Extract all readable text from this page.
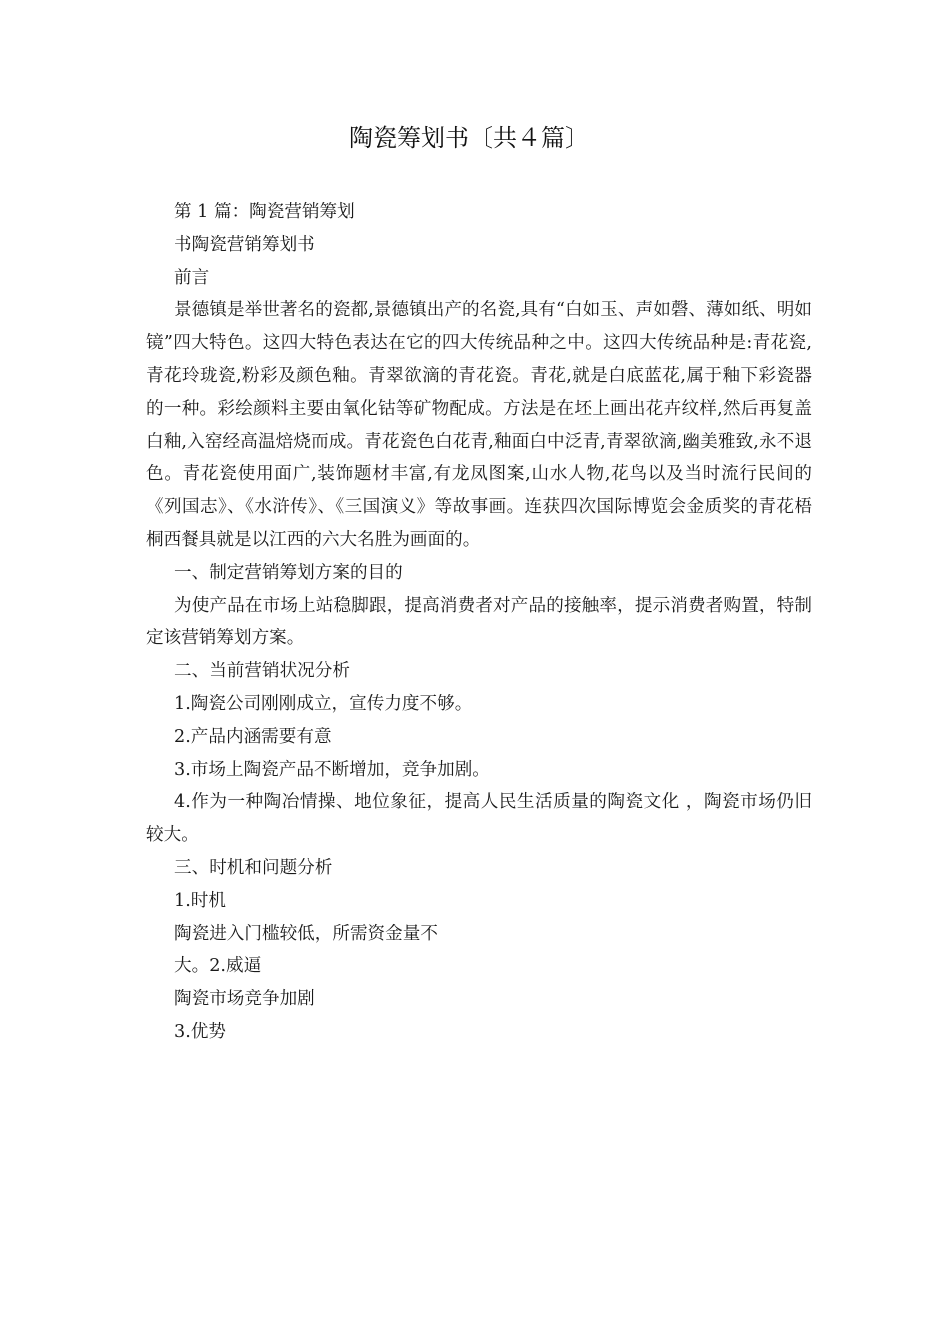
陶瓷筹划书〔共４篇〕

第 1 篇：陶瓷营销筹划

书陶瓷营销筹划书

前言

景德镇是举世著名的瓷都,景德镇出产的名瓷,具有“白如玉、声如磬、薄如纸、明如镜”四大特色。这四大特色表达在它的四大传统品种之中。这四大传统品种是:青花瓷,青花玲珑瓷,粉彩及颜色釉。青翠欲滴的青花瓷。青花,就是白底蓝花,属于釉下彩瓷器的一种。彩绘颜料主要由氧化钴等矿物配成。方法是在坯上画出花卉纹样,然后再复盖白釉,入窑经高温焙烧而成。青花瓷色白花青,釉面白中泛青,青翠欲滴,幽美雅致,永不退色。青花瓷使用面广,装饰题材丰富,有龙凤图案,山水人物,花鸟以及当时流行民间的《列国志》、《水浒传》、《三国演义》等故事画。连获四次国际博览会金质奖的青花梧桐西餐具就是以江西的六大名胜为画面的。

一、制定营销筹划方案的目的

为使产品在市场上站稳脚跟，提高消费者对产品的接触率，提示消费者购置，特制定该营销筹划方案。

二、当前营销状况分析

1.陶瓷公司刚刚成立，宣传力度不够。

2.产品内涵需要有意

3.市场上陶瓷产品不断增加，竞争加剧。

4.作为一种陶冶情操、地位象征，提高人民生活质量的陶瓷文化 ，陶瓷市场仍旧较大。

三、时机和问题分析

1.时机

陶瓷进入门槛较低，所需资金量不

大。2.威逼

陶瓷市场竞争加剧

3.优势
